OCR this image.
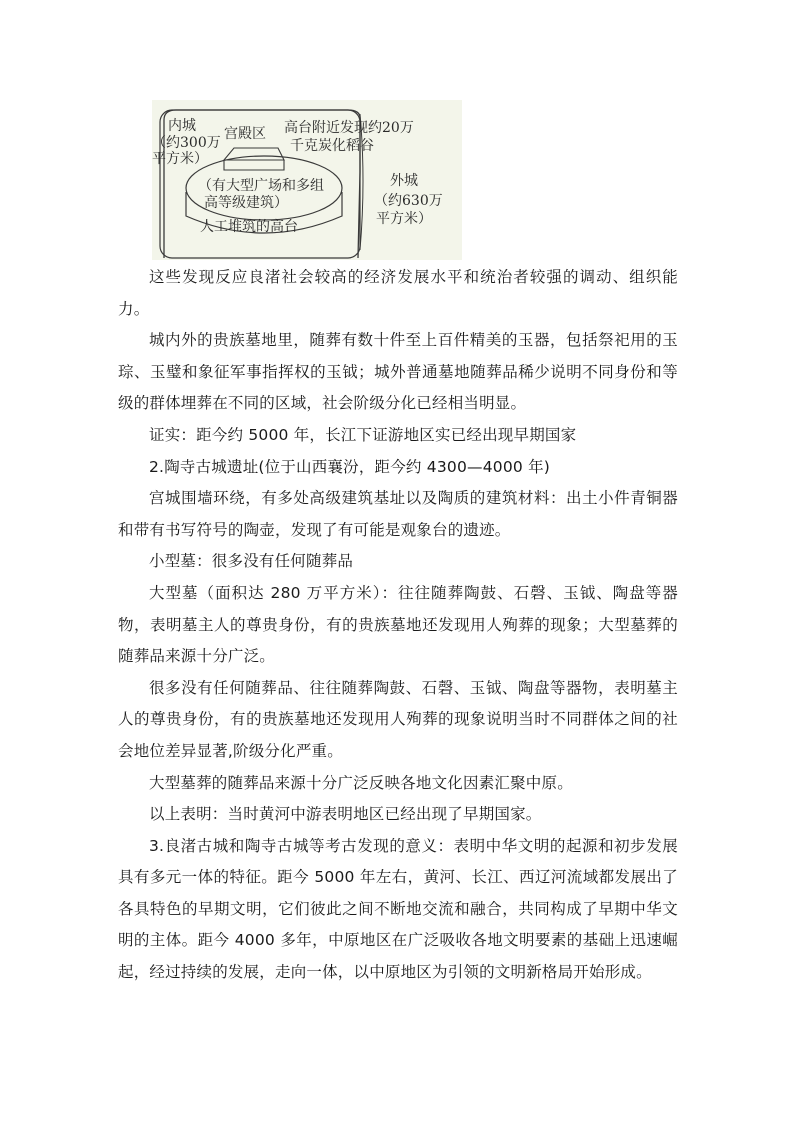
内城
（约300万
平方米）
宫殿区 高台附近发现约20万
千克炭化稻谷
（有大型广场和多组
高等级建筑）
人工堆筑的高台
外城
（约630万
平方米）

这些发现反应良渚社会较高的经济发展水平和统治者较强的调动、组织能力。

城内外的贵族墓地里，随葬有数十件至上百件精美的玉器，包括祭祀用的玉琮、玉璧和象征军事指挥权的玉钺；城外普通墓地随葬品稀少说明不同身份和等级的群体埋葬在不同的区域，社会阶级分化已经相当明显。

证实：距今约 5000 年，长江下证游地区实已经出现早期国家

2.陶寺古城遗址(位于山西襄汾，距今约 4300—4000 年)

宫城围墙环绕，有多处高级建筑基址以及陶质的建筑材料：出土小件青铜器和带有书写符号的陶壶，发现了有可能是观象台的遗迹。

小型墓：很多没有任何随葬品

大型墓（面积达 280 万平方米）：往往随葬陶鼓、石磬、玉钺、陶盘等器物，表明墓主人的尊贵身份，有的贵族墓地还发现用人殉葬的现象；大型墓葬的随葬品来源十分广泛。

很多没有任何随葬品、往往随葬陶鼓、石磬、玉钺、陶盘等器物，表明墓主人的尊贵身份，有的贵族墓地还发现用人殉葬的现象说明当时不同群体之间的社会地位差异显著,阶级分化严重。

大型墓葬的随葬品来源十分广泛反映各地文化因素汇聚中原。

以上表明：当时黄河中游表明地区已经出现了早期国家。

3.良渚古城和陶寺古城等考古发现的意义：表明中华文明的起源和初步发展具有多元一体的特征。距今 5000 年左右，黄河、长江、西辽河流域都发展出了各具特色的早期文明，它们彼此之间不断地交流和融合，共同构成了早期中华文明的主体。距今 4000 多年，中原地区在广泛吸收各地文明要素的基础上迅速崛起，经过持续的发展，走向一体，以中原地区为引领的文明新格局开始形成。
